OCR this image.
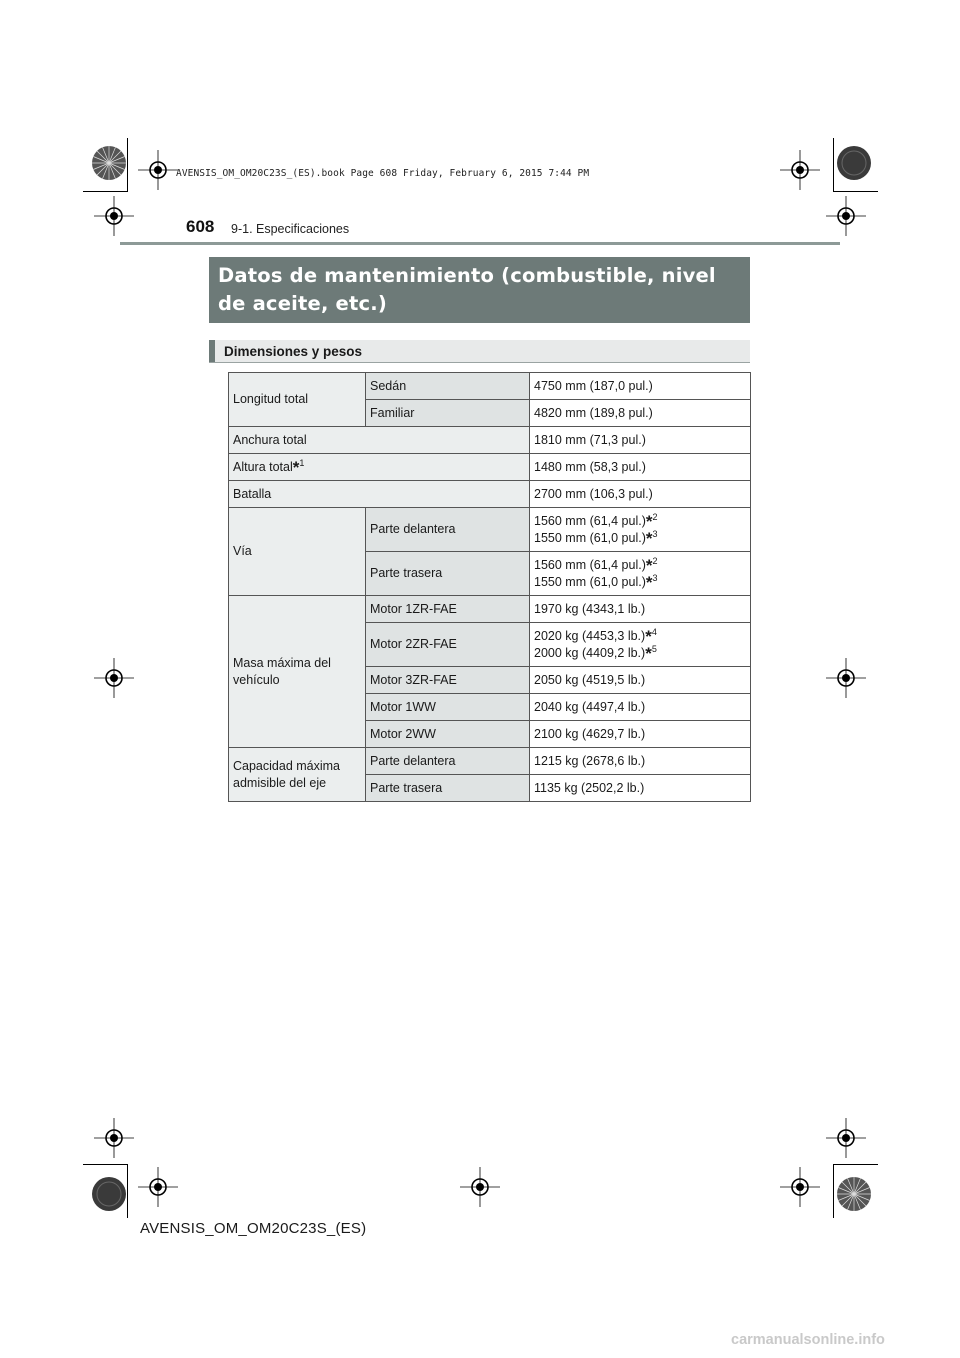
AVENSIS_OM_OM20C23S_(ES).book Page 608 Friday, February 6, 2015 7:44 PM
608 9-1. Especificaciones
Datos de mantenimiento (combustible, nivel
de aceite, etc.)
Dimensiones y pesos
Longitud total	Sedán	4750 mm (187,0 pul.)
	Familiar	4820 mm (189,8 pul.)
Anchura total		1810 mm (71,3 pul.)
Altura total*$^1$		1480 mm (58,3 pul.)
Batalla		2700 mm (106,3 pul.)
Vía	Parte delantera	1560 mm (61,4 pul.)*$^2$
1550 mm (61,0 pul.)*$^3$

	Parte trasera	1560 mm (61,4 pul.)*$^2$
1550 mm (61,0 pul.)*$^3$

Masa máxima del
vehículo	Motor 1ZR-FAE	1970 kg (4343,1 lb.)
	Motor 2ZR-FAE	2020 kg (4453,3 lb.)*$^4$
2000 kg (4409,2 lb.)*$^5$

	Motor 3ZR-FAE	2050 kg (4519,5 lb.)
	Motor 1WW	2040 kg (4497,4 lb.)
	Motor 2WW	2100 kg (4629,7 lb.)

Capacidad máxima
admisible del eje	Parte delantera	1215 kg (2678,6 lb.)
	Parte trasera	1135 kg (2502,2 lb.)
AVENSIS_OM_OM20C23S_(ES)
carmanualsonline.info
